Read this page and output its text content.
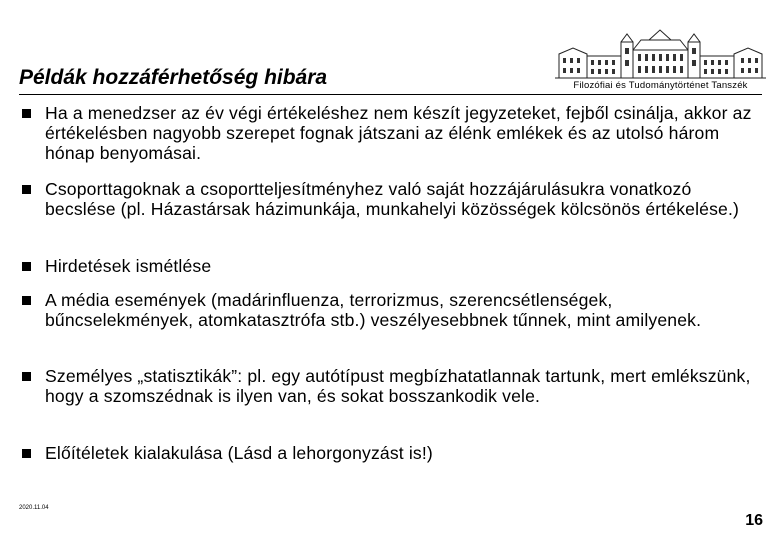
Filozófiai és Tudománytörténet Tanszék
Példák hozzáférhetőség hibára

Ha a menedzser az év végi értékeléshez nem készít jegyzeteket, fejből csinálja, akkor az értékelésben nagyobb szerepet fognak játszani az élénk emlékek és az utolsó három hónap benyomásai.

Csoporttagoknak a csoportteljesítményhez való saját hozzájárulásukra vonatkozó becslése (pl. Házastársak házimunkája, munkahelyi közösségek kölcsönös értékelése.)

Hirdetések ismétlése

A média események (madárinfluenza, terrorizmus, szerencsétlenségek, bűncselekmények, atomkatasztrófa stb.) veszélyesebbnek tűnnek, mint amilyenek.

Személyes „statisztikák”: pl. egy autótípust megbízhatatlannak tartunk, mert emlékszünk, hogy a szomszédnak is ilyen van, és sokat bosszankodik vele.

Előítéletek kialakulása (Lásd a lehorgonyzást is!)

2020.11.04
16
